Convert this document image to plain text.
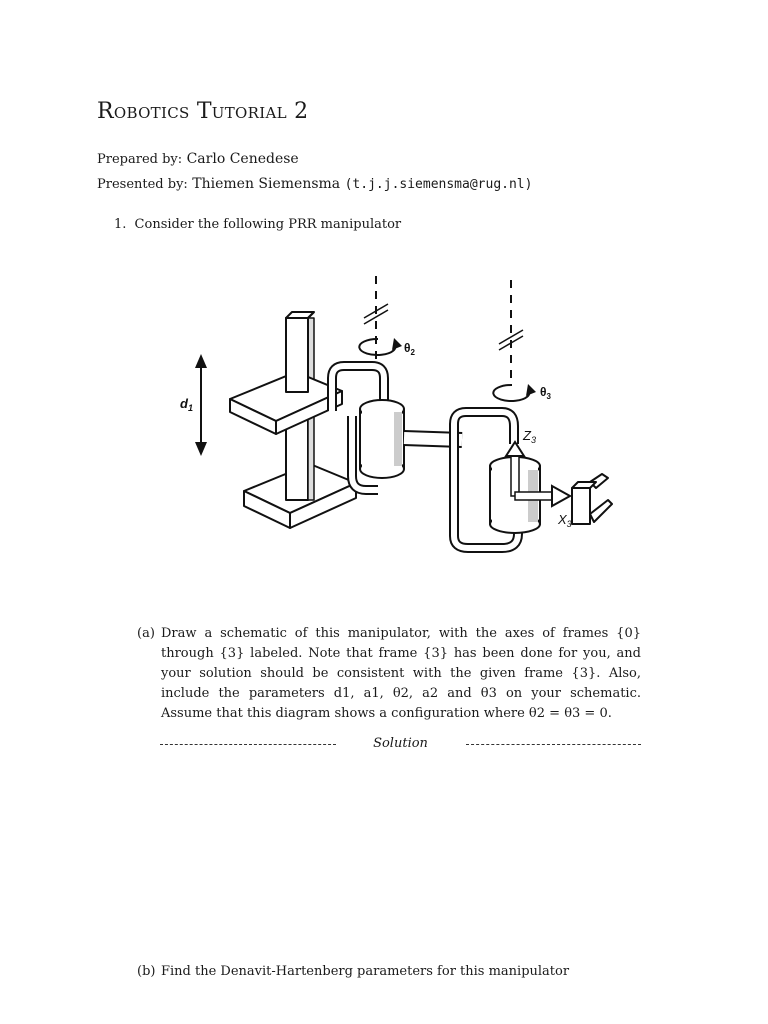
Robotics Tutorial 2
Prepared by: Carlo Cenedese
Presented by: Thiemen Siemensma (t.j.j.siemensma@rug.nl)
1. Consider the following PRR manipulator
$d_1$
$\theta_2$
$\theta_3$
$Z_3$
$X_3$
(a) Draw a schematic of this manipulator, with the axes of frames {0} through {3} labeled. Note that frame {3} has been done for you, and your solution should be consistent with the given frame {3}. Also, include the parameters d1, a1, θ2, a2 and θ3 on your schematic. Assume that this diagram shows a configuration where θ2 = θ3 = 0.
Solution
(b) Find the Denavit-Hartenberg parameters for this manipulator
